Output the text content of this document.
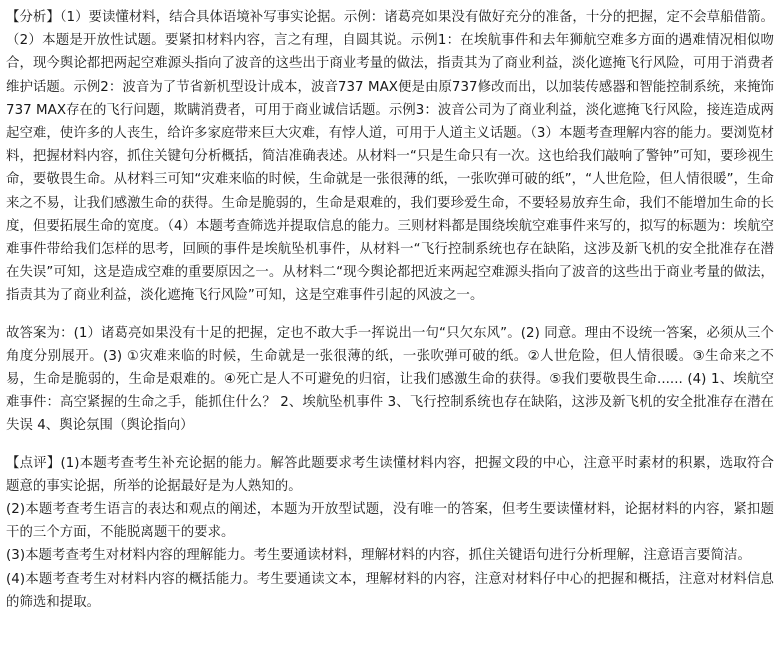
【分析】（1）要读懂材料，结合具体语境补写事实论据。示例：诸葛亮如果没有做好充分的准备，十分的把握，定不会草船借箭。（2）本题是开放性试题。要紧扣材料内容，言之有理，自圆其说。示例1：在埃航事件和去年狮航空难多方面的遇难情况相似吻合，现今舆论都把两起空难源头指向了波音的这些出于商业考量的做法，指责其为了商业利益，淡化遮掩飞行风险，可用于消费者维护话题。示例2：波音为了节省新机型设计成本，波音737 MAX便是由原737修改而出，以加装传感器和智能控制系统，来掩饰737 MAX存在的飞行问题，欺瞒消费者，可用于商业诚信话题。示例3：波音公司为了商业利益，淡化遮掩飞行风险，接连造成两起空难，使许多的人丧生，给许多家庭带来巨大灾难，有悖人道，可用于人道主义话题。（3）本题考查理解内容的能力。要浏览材料，把握材料内容，抓住关键句分析概括，简洁准确表述。从材料一“只是生命只有一次。这也给我们敲响了警钟”可知，要珍视生命，要敬畏生命。从材料三可知“灾难来临的时候，生命就是一张很薄的纸，一张吹弹可破的纸”，“人世危险，但人情很暖”，生命来之不易，让我们感激生命的获得。生命是脆弱的，生命是艰难的，我们要珍爱生命，不要轻易放弃生命，我们不能增加生命的长度，但要拓展生命的宽度。（4）本题考查筛选并提取信息的能力。三则材料都是围绕埃航空难事件来写的，拟写的标题为：埃航空难事件带给我们怎样的思考，回顾的事件是埃航坠机事件，从材料一“飞行控制系统也存在缺陷，这涉及新飞机的安全批准存在潜在失误”可知，这是造成空难的重要原因之一。从材料二“现今舆论都把近来两起空难源头指向了波音的这些出于商业考量的做法，指责其为了商业利益，淡化遮掩飞行风险”可知，这是空难事件引起的风波之一。

故答案为：(1）诸葛亮如果没有十足的把握，定也不敢大手一挥说出一句“只欠东风”。(2) 同意。理由不设统一答案，必须从三个角度分别展开。(3) ①灾难来临的时候，生命就是一张很薄的纸，一张吹弹可破的纸。②人世危险，但人情很暖。③生命来之不易，生命是脆弱的，生命是艰难的。④死亡是人不可避免的归宿，让我们感激生命的获得。⑤我们要敬畏生命...... (4) 1、埃航空难事件：高空紧握的生命之手，能抓住什么？ 2、埃航坠机事件 3、飞行控制系统也存在缺陷，这涉及新飞机的安全批准存在潜在失误 4、舆论氛围（舆论指向）

【点评】(1)本题考查考生补充论据的能力。解答此题要求考生读懂材料内容，把握文段的中心，注意平时素材的积累，选取符合题意的事实论据，所举的论据最好是为人熟知的。
(2)本题考查考生语言的表达和观点的阐述，本题为开放型试题，没有唯一的答案，但考生要读懂材料，论据材料的内容，紧扣题干的三个方面，不能脱离题干的要求。
(3)本题考查考生对材料内容的理解能力。考生要通读材料，理解材料的内容，抓住关键语句进行分析理解，注意语言要简洁。
(4)本题考查考生对材料内容的概括能力。考生要通读文本，理解材料的内容，注意对材料仔中心的把握和概括，注意对材料信息的筛选和提取。
